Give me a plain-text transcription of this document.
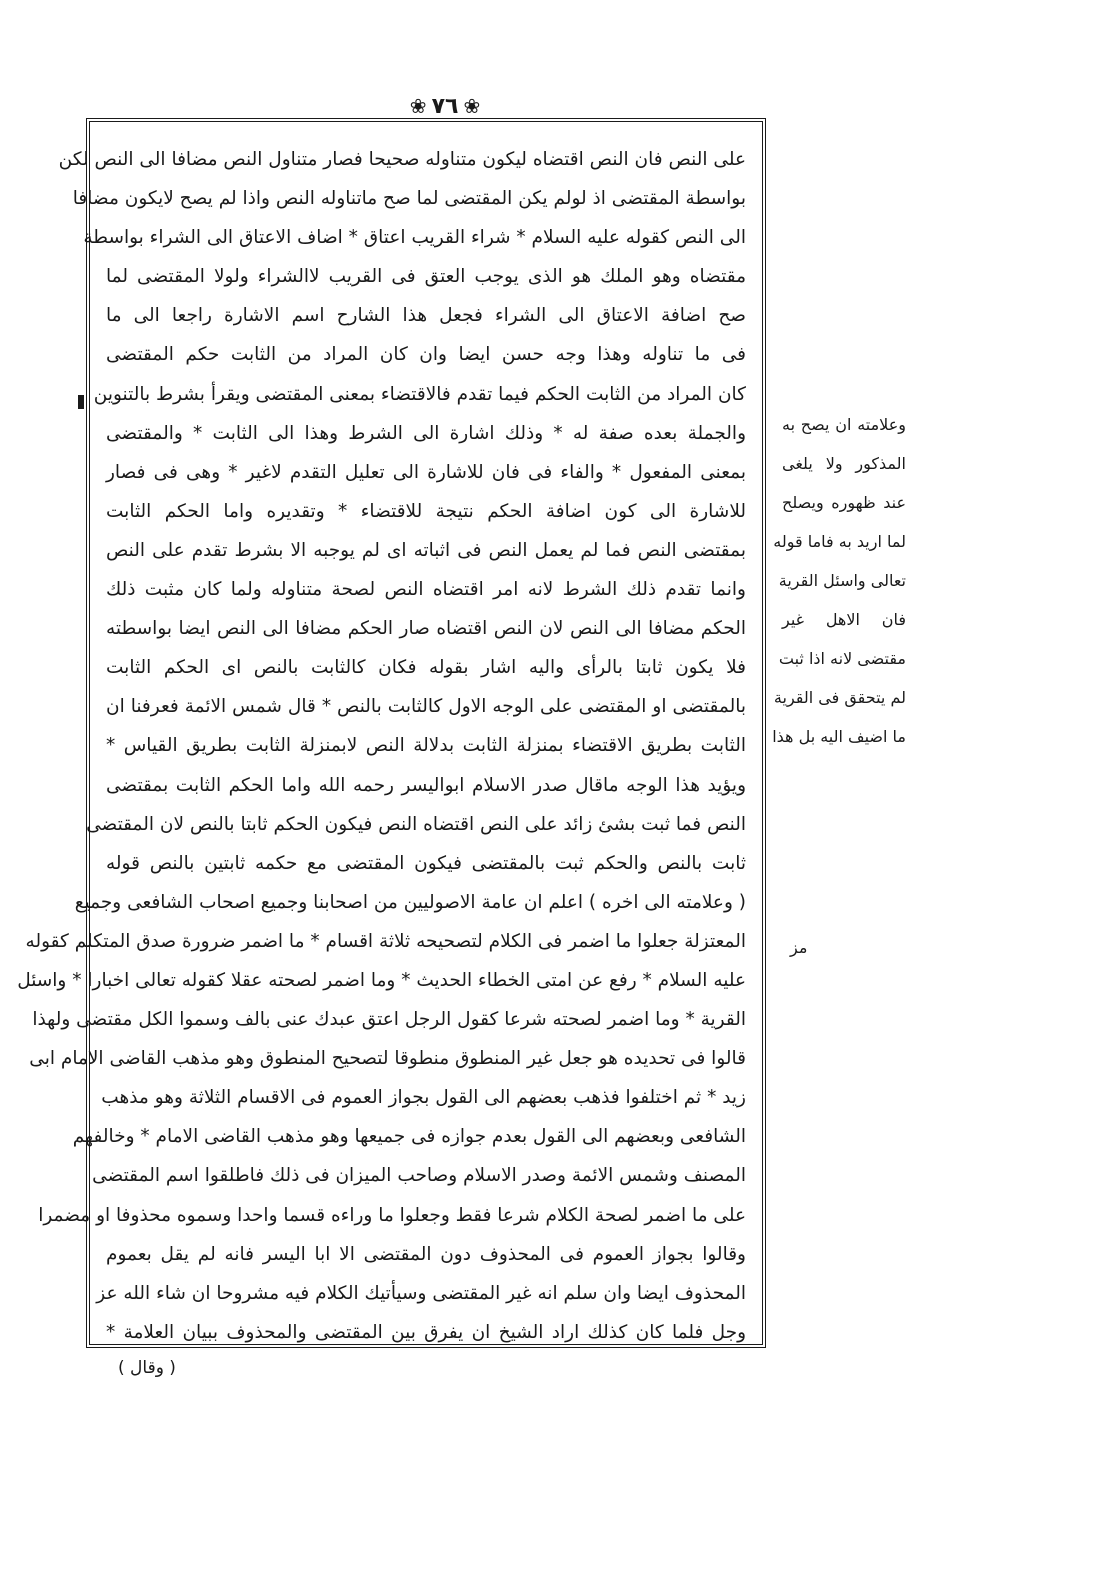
❀ ٧٦ ❀
على النص فان النص اقتضاه ليكون متناوله صحيحا فصار متناول النص مضافا الى النص لكن
بواسطة المقتضى اذ لولم يكن المقتضى لما صح ماتناوله النص واذا لم يصح لايكون مضافا
الى النص كقوله عليه السلام * شراء القريب اعتاق * اضاف الاعتاق الى الشراء بواسطة
مقتضاه وهو الملك هو الذى يوجب العتق فى القريب لاالشراء ولولا المقتضى لما
صح اضافة الاعتاق الى الشراء فجعل هذا الشارح اسم الاشارة راجعا الى ما
فى ما تناوله وهذا وجه حسن ايضا وان كان المراد من الثابت حكم المقتضى
كان المراد من الثابت الحكم فيما تقدم فالاقتضاء بمعنى المقتضى ويقرأ بشرط بالتنوين
والجملة بعده صفة له * وذلك اشارة الى الشرط وهذا الى الثابت * والمقتضى
بمعنى المفعول * والفاء فى فان للاشارة الى تعليل التقدم لاغير * وهى فى فصار
للاشارة الى كون اضافة الحكم نتيجة للاقتضاء * وتقديره واما الحكم الثابت
بمقتضى النص فما لم يعمل النص فى اثباته اى لم يوجبه الا بشرط تقدم على النص
وانما تقدم ذلك الشرط لانه امر اقتضاه النص لصحة متناوله ولما كان مثبت ذلك
الحكم مضافا الى النص لان النص اقتضاه صار الحكم مضافا الى النص ايضا بواسطته
فلا يكون ثابتا بالرأى واليه اشار بقوله فكان كالثابت بالنص اى الحكم الثابت
بالمقتضى او المقتضى على الوجه الاول كالثابت بالنص * قال شمس الائمة فعرفنا ان
الثابت بطريق الاقتضاء بمنزلة الثابت بدلالة النص لابمنزلة الثابت بطريق القياس *
ويؤيد هذا الوجه ماقال صدر الاسلام ابواليسر رحمه الله واما الحكم الثابت بمقتضى
النص فما ثبت بشئ زائد على النص اقتضاه النص فيكون الحكم ثابتا بالنص لان المقتضى
ثابت بالنص والحكم ثبت بالمقتضى فيكون المقتضى مع حكمه ثابتين بالنص قوله
( وعلامته الى اخره ) اعلم ان عامة الاصوليين من اصحابنا وجميع اصحاب الشافعى وجميع
المعتزلة جعلوا ما اضمر فى الكلام لتصحيحه ثلاثة اقسام * ما اضمر ضرورة صدق المتكلم كقوله
عليه السلام * رفع عن امتى الخطاء الحديث * وما اضمر لصحته عقلا كقوله تعالى اخبارا * واسئل
القرية * وما اضمر لصحته شرعا كقول الرجل اعتق عبدك عنى بالف وسموا الكل مقتضى ولهذا
قالوا فى تحديده هو جعل غير المنطوق منطوقا لتصحيح المنطوق وهو مذهب القاضى الامام ابى
زيد * ثم اختلفوا فذهب بعضهم الى القول بجواز العموم فى الاقسام الثلاثة وهو مذهب
الشافعى وبعضهم الى القول بعدم جوازه فى جميعها وهو مذهب القاضى الامام * وخالفهم
المصنف وشمس الائمة وصدر الاسلام وصاحب الميزان فى ذلك فاطلقوا اسم المقتضى
على ما اضمر لصحة الكلام شرعا فقط وجعلوا ما وراءه قسما واحدا وسموه محذوفا او مضمرا
وقالوا بجواز العموم فى المحذوف دون المقتضى الا ابا اليسر فانه لم يقل بعموم
المحذوف ايضا وان سلم انه غير المقتضى وسيأتيك الكلام فيه مشروحا ان شاء الله عز
وجل فلما كان كذلك اراد الشيخ ان يفرق بين المقتضى والمحذوف ببيان العلامة *
وعلامته ان يصح به
المذكور ولا يلغى
عند ظهوره ويصلح
لما اريد به فاما قوله
تعالى واسئل القرية
فان الاهل غير
مقتضى لانه اذا ثبت
لم يتحقق فى القرية
ما اضيف اليه بل هذا
مز
( وقال )
